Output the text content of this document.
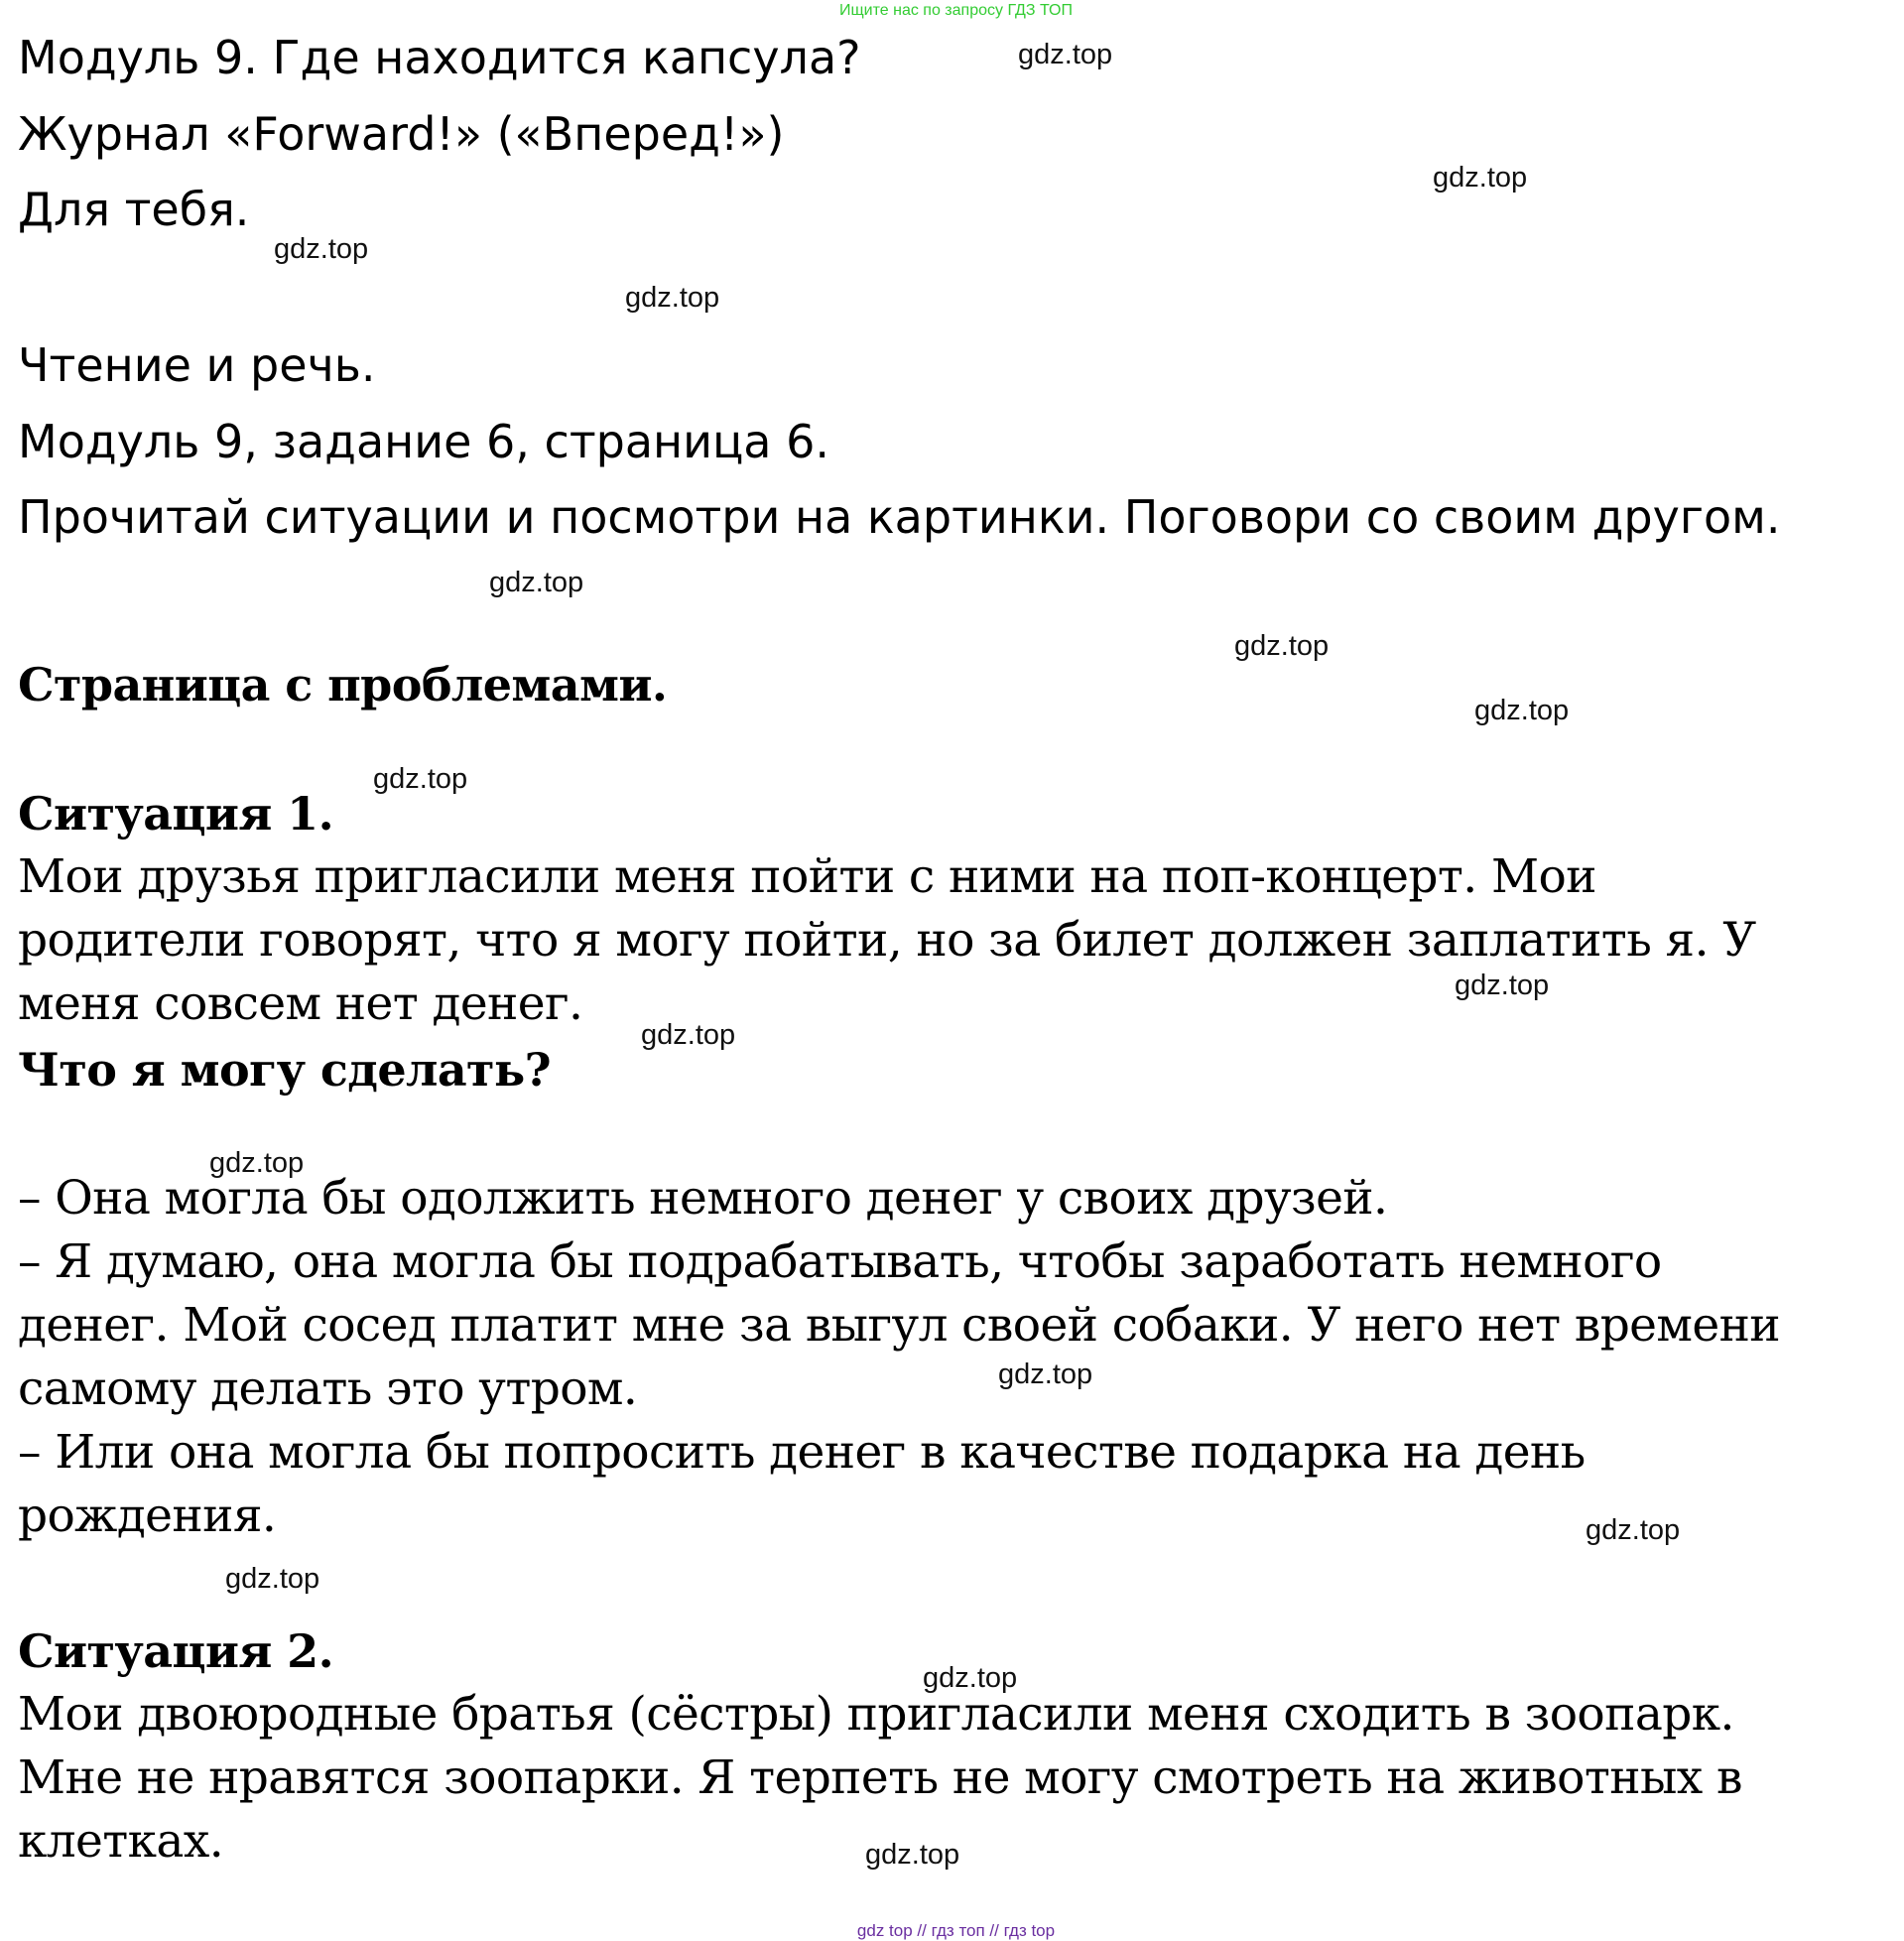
Ищите нас по запросу ГДЗ ТОП
Модуль 9. Где находится капсула?
Журнал «Forward!» («Вперед!»)
Для тебя.
Чтение и речь.
Модуль 9, задание 6, страница 6.
Прочитай ситуации и посмотри на картинки. Поговори со своим другом.
Страница с проблемами.
Ситуация 1.
Мои друзья пригласили меня пойти с ними на поп-концерт. Мои
родители говорят, что я могу пойти, но за билет должен заплатить я. У
меня совсем нет денег.
Что я могу сделать?
– Она могла бы одолжить немного денег у своих друзей.
– Я думаю, она могла бы подрабатывать, чтобы заработать немного
денег. Мой сосед платит мне за выгул своей собаки. У него нет времени
самому делать это утром.
– Или она могла бы попросить денег в качестве подарка на день
рождения.
Ситуация 2.
Мои двоюродные братья (сёстры) пригласили меня сходить в зоопарк.
Мне не нравятся зоопарки. Я терпеть не могу смотреть на животных в
клетках.
gdz.top
gdz.top
gdz.top
gdz.top
gdz.top
gdz.top
gdz.top
gdz.top
gdz.top
gdz.top
gdz.top
gdz.top
gdz.top
gdz.top
gdz.top
gdz.top
gdz top // гдз топ // гдз top
